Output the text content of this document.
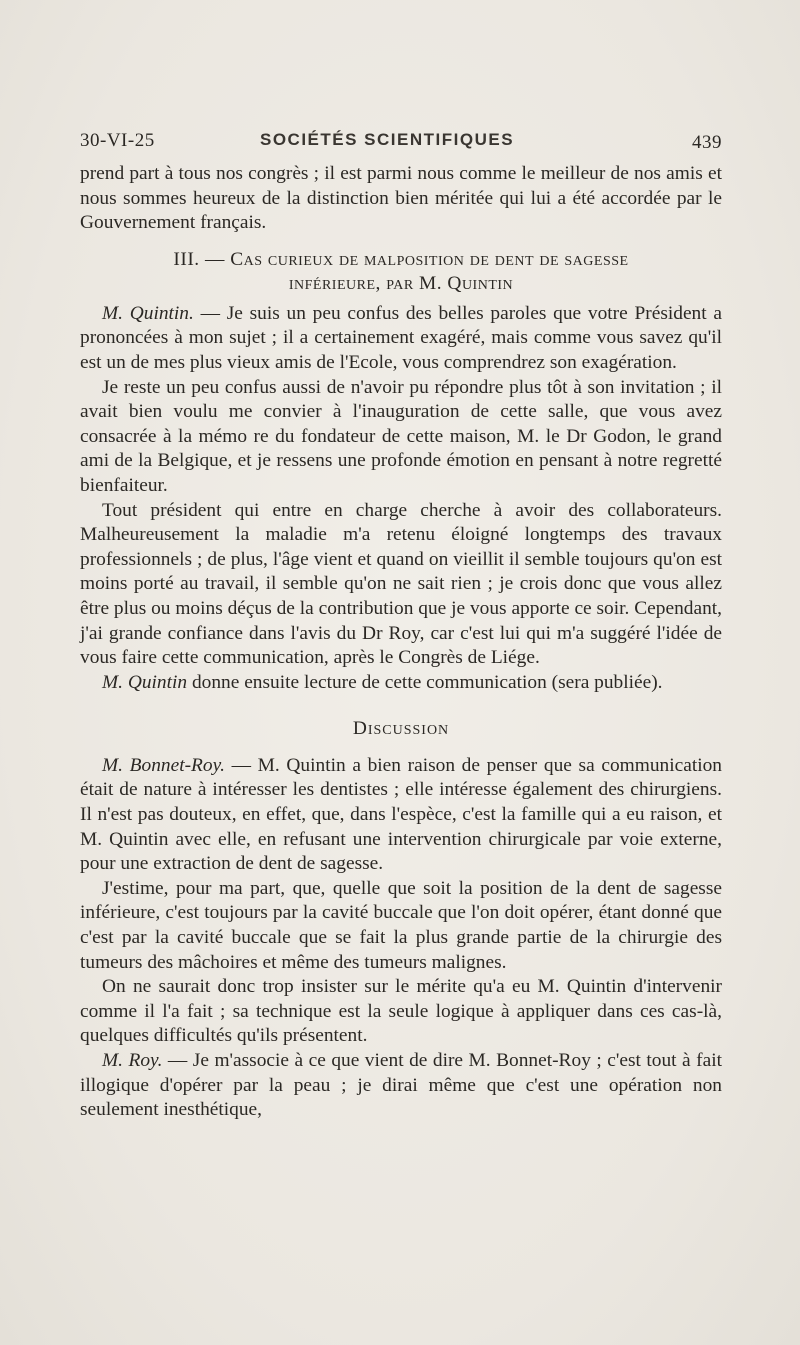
30-VI-25	SOCIÉTÉS SCIENTIFIQUES	439

prend part à tous nos congrès ; il est parmi nous comme le meilleur de nos amis et nous sommes heureux de la distinction bien méritée qui lui a été accordée par le Gouvernement français.

III. — Cas curieux de malposition de dent de sagesse
inférieure, par M. Quintin

M. Quintin. — Je suis un peu confus des belles paroles que votre Président a prononcées à mon sujet ; il a certainement exagéré, mais comme vous savez qu'il est un de mes plus vieux amis de l'Ecole, vous comprendrez son exagération.

Je reste un peu confus aussi de n'avoir pu répondre plus tôt à son invitation ; il avait bien voulu me convier à l'inauguration de cette salle, que vous avez consacrée à la mémo re du fondateur de cette maison, M. le Dr Godon, le grand ami de la Belgique, et je ressens une profonde émotion en pensant à notre regretté bienfaiteur.

Tout président qui entre en charge cherche à avoir des collaborateurs. Malheureusement la maladie m'a retenu éloigné longtemps des travaux professionnels ; de plus, l'âge vient et quand on vieillit il semble toujours qu'on est moins porté au travail, il semble qu'on ne sait rien ; je crois donc que vous allez être plus ou moins déçus de la contribution que je vous apporte ce soir. Cependant, j'ai grande confiance dans l'avis du Dr Roy, car c'est lui qui m'a suggéré l'idée de vous faire cette communication, après le Congrès de Liége.

M. Quintin donne ensuite lecture de cette communication (sera publiée).

Discussion

M. Bonnet-Roy. — M. Quintin a bien raison de penser que sa communication était de nature à intéresser les dentistes ; elle intéresse également des chirurgiens. Il n'est pas douteux, en effet, que, dans l'espèce, c'est la famille qui a eu raison, et M. Quintin avec elle, en refusant une intervention chirurgicale par voie externe, pour une extraction de dent de sagesse.

J'estime, pour ma part, que, quelle que soit la position de la dent de sagesse inférieure, c'est toujours par la cavité buccale que l'on doit opérer, étant donné que c'est par la cavité buccale que se fait la plus grande partie de la chirurgie des tumeurs des mâchoires et même des tumeurs malignes.

On ne saurait donc trop insister sur le mérite qu'a eu M. Quintin d'intervenir comme il l'a fait ; sa technique est la seule logique à appliquer dans ces cas-là, quelques difficultés qu'ils présentent.

M. Roy. — Je m'associe à ce que vient de dire M. Bonnet-Roy ; c'est tout à fait illogique d'opérer par la peau ; je dirai même que c'est une opération non seulement inesthétique,
